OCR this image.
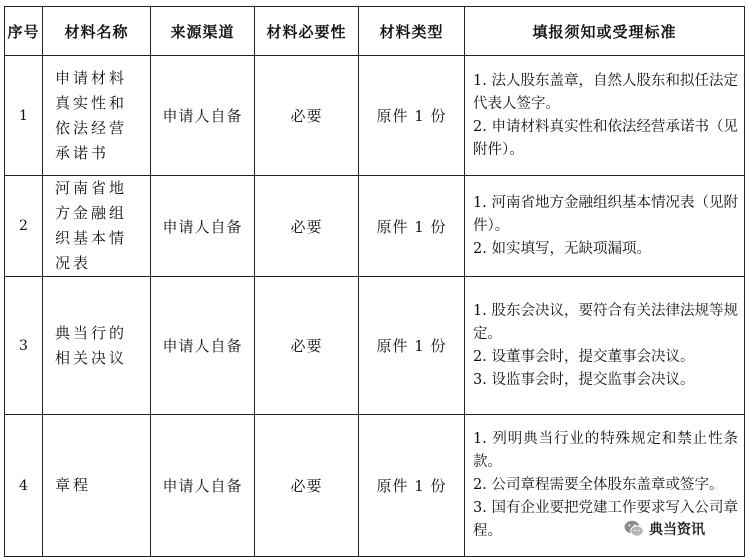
序号	材料名称	来源渠道	材料必要性	材料类型	填报须知或受理标准
1	申请材料真实性和依法经营承诺书	申请人自备	必要	原件 1 份	1. 法人股东盖章，自然人股东和拟任法定代表人签字。
2. 申请材料真实性和依法经营承诺书（见附件）。

2	河南省地方金融组织基本情况表	申请人自备	必要	原件 1 份	1. 河南省地方金融组织基本情况表（见附件）。
2. 如实填写，无缺项漏项。

3	典当行的相关决议	申请人自备	必要	原件 1 份	1. 股东会决议，要符合有关法律法规等规定。
2. 设董事会时，提交董事会决议。
3. 设监事会时，提交监事会决议。

4	章程	申请人自备	必要	原件 1 份	1. 列明典当行业的特殊规定和禁止性条款。
2. 公司章程需要全体股东盖章或签字。
3. 国有企业要把党建工作要求写入公司章程。	典当资讯
